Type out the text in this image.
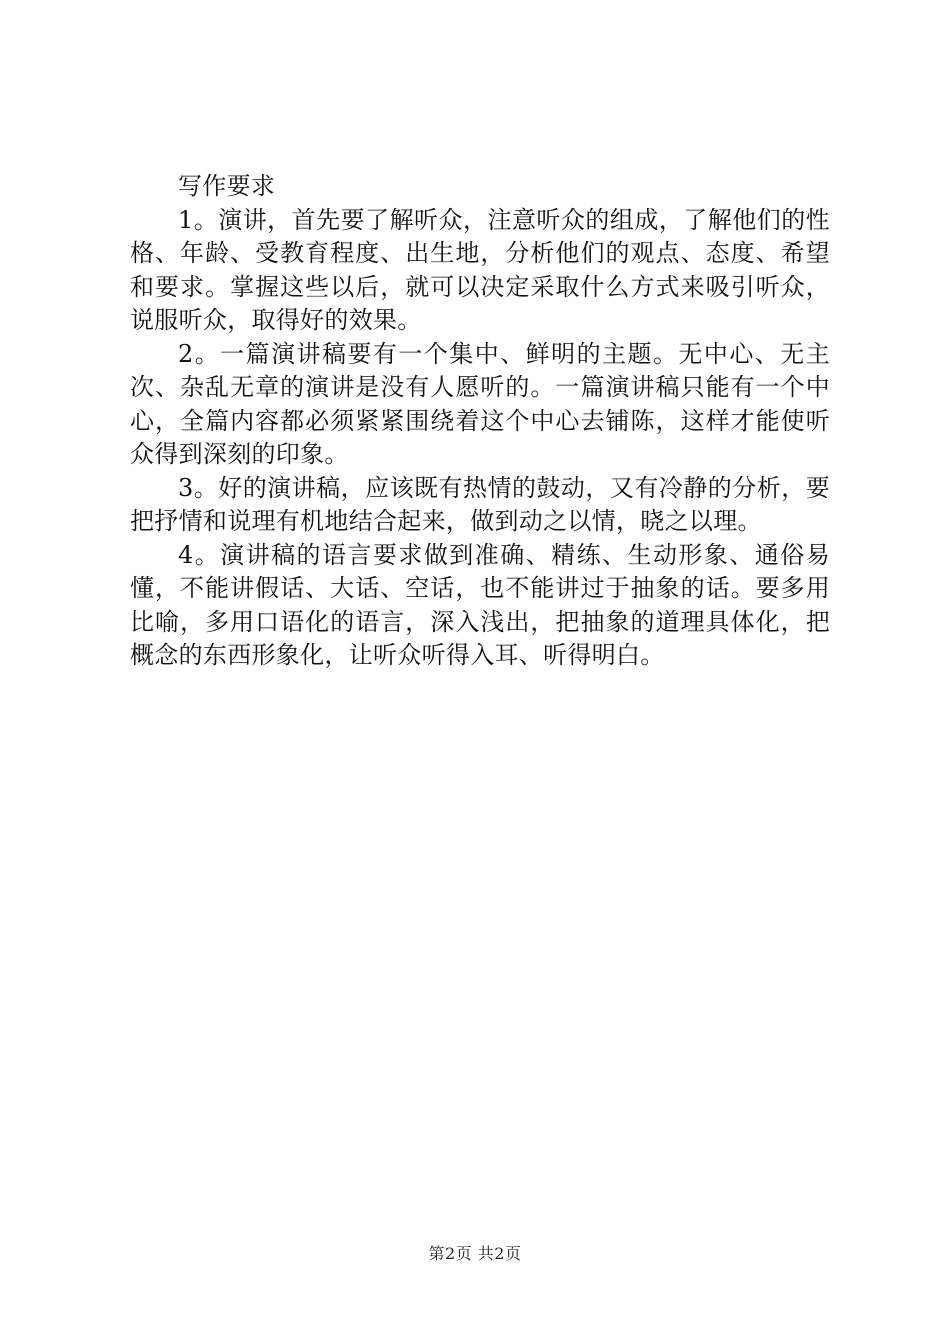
写作要求

1。演讲，首先要了解听众，注意听众的组成，了解他们的性格、年龄、受教育程度、出生地，分析他们的观点、态度、希望和要求。掌握这些以后，就可以决定采取什么方式来吸引听众，说服听众，取得好的效果。

2。一篇演讲稿要有一个集中、鲜明的主题。无中心、无主次、杂乱无章的演讲是没有人愿听的。一篇演讲稿只能有一个中心，全篇内容都必须紧紧围绕着这个中心去铺陈，这样才能使听众得到深刻的印象。

3。好的演讲稿，应该既有热情的鼓动，又有冷静的分析，要把抒情和说理有机地结合起来，做到动之以情，晓之以理。

4。演讲稿的语言要求做到准确、精练、生动形象、通俗易懂，不能讲假话、大话、空话，也不能讲过于抽象的话。要多用比喻，多用口语化的语言，深入浅出，把抽象的道理具体化，把概念的东西形象化，让听众听得入耳、听得明白。

第2页 共2页
